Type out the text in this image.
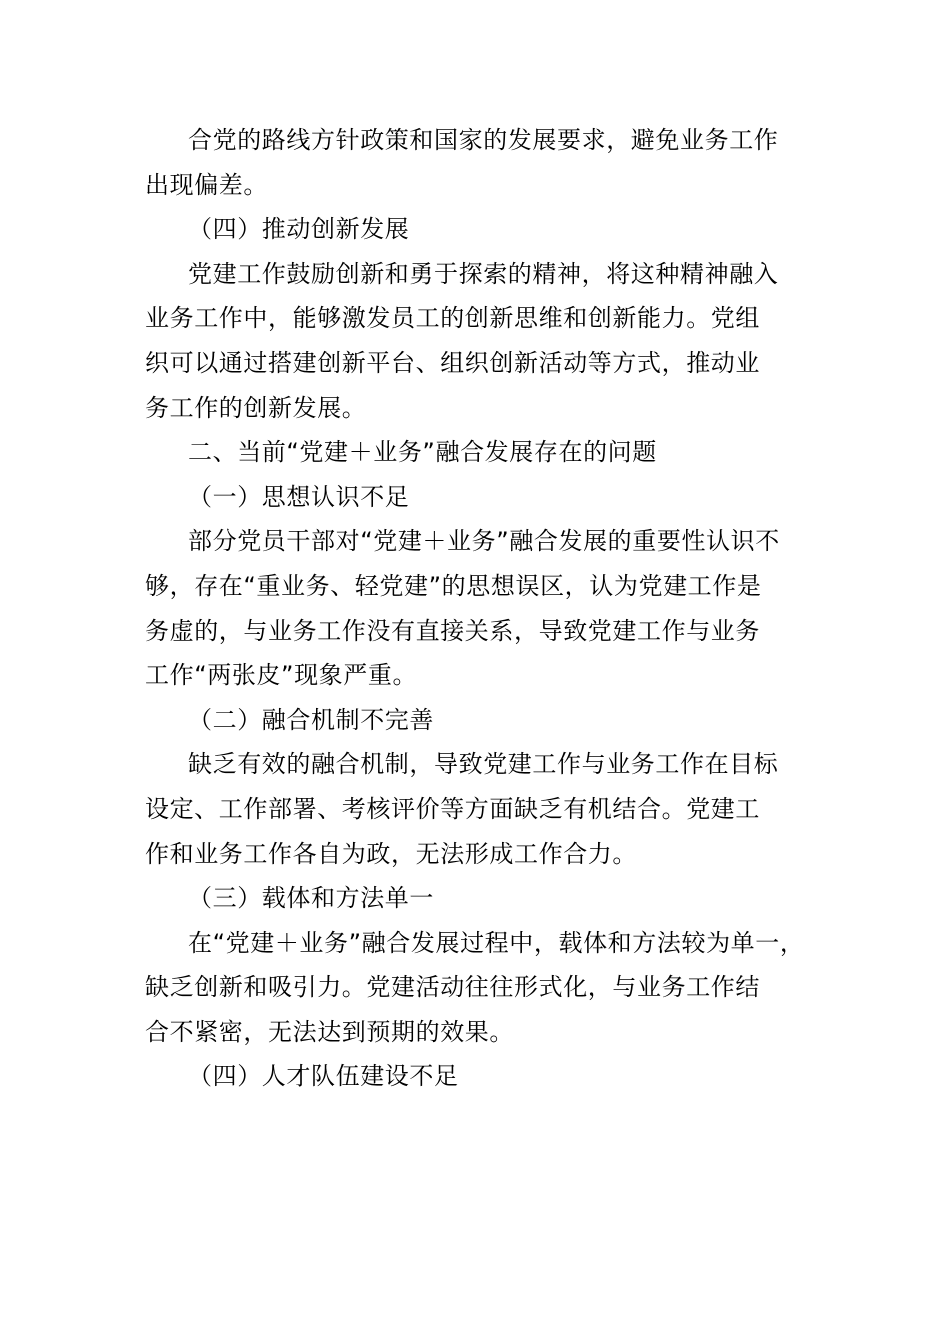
合党的路线方针政策和国家的发展要求，避免业务工作
出现偏差。
（四）推动创新发展
党建工作鼓励创新和勇于探索的精神，将这种精神融入
业务工作中，能够激发员工的创新思维和创新能力。党组
织可以通过搭建创新平台、组织创新活动等方式，推动业
务工作的创新发展。
二、当前“党建＋业务”融合发展存在的问题
（一）思想认识不足
部分党员干部对“党建＋业务”融合发展的重要性认识不
够，存在“重业务、轻党建”的思想误区，认为党建工作是
务虚的，与业务工作没有直接关系，导致党建工作与业务
工作“两张皮”现象严重。
（二）融合机制不完善
缺乏有效的融合机制，导致党建工作与业务工作在目标
设定、工作部署、考核评价等方面缺乏有机结合。党建工
作和业务工作各自为政，无法形成工作合力。
（三）载体和方法单一
在“党建＋业务”融合发展过程中，载体和方法较为单一，
缺乏创新和吸引力。党建活动往往形式化，与业务工作结
合不紧密，无法达到预期的效果。
（四）人才队伍建设不足
